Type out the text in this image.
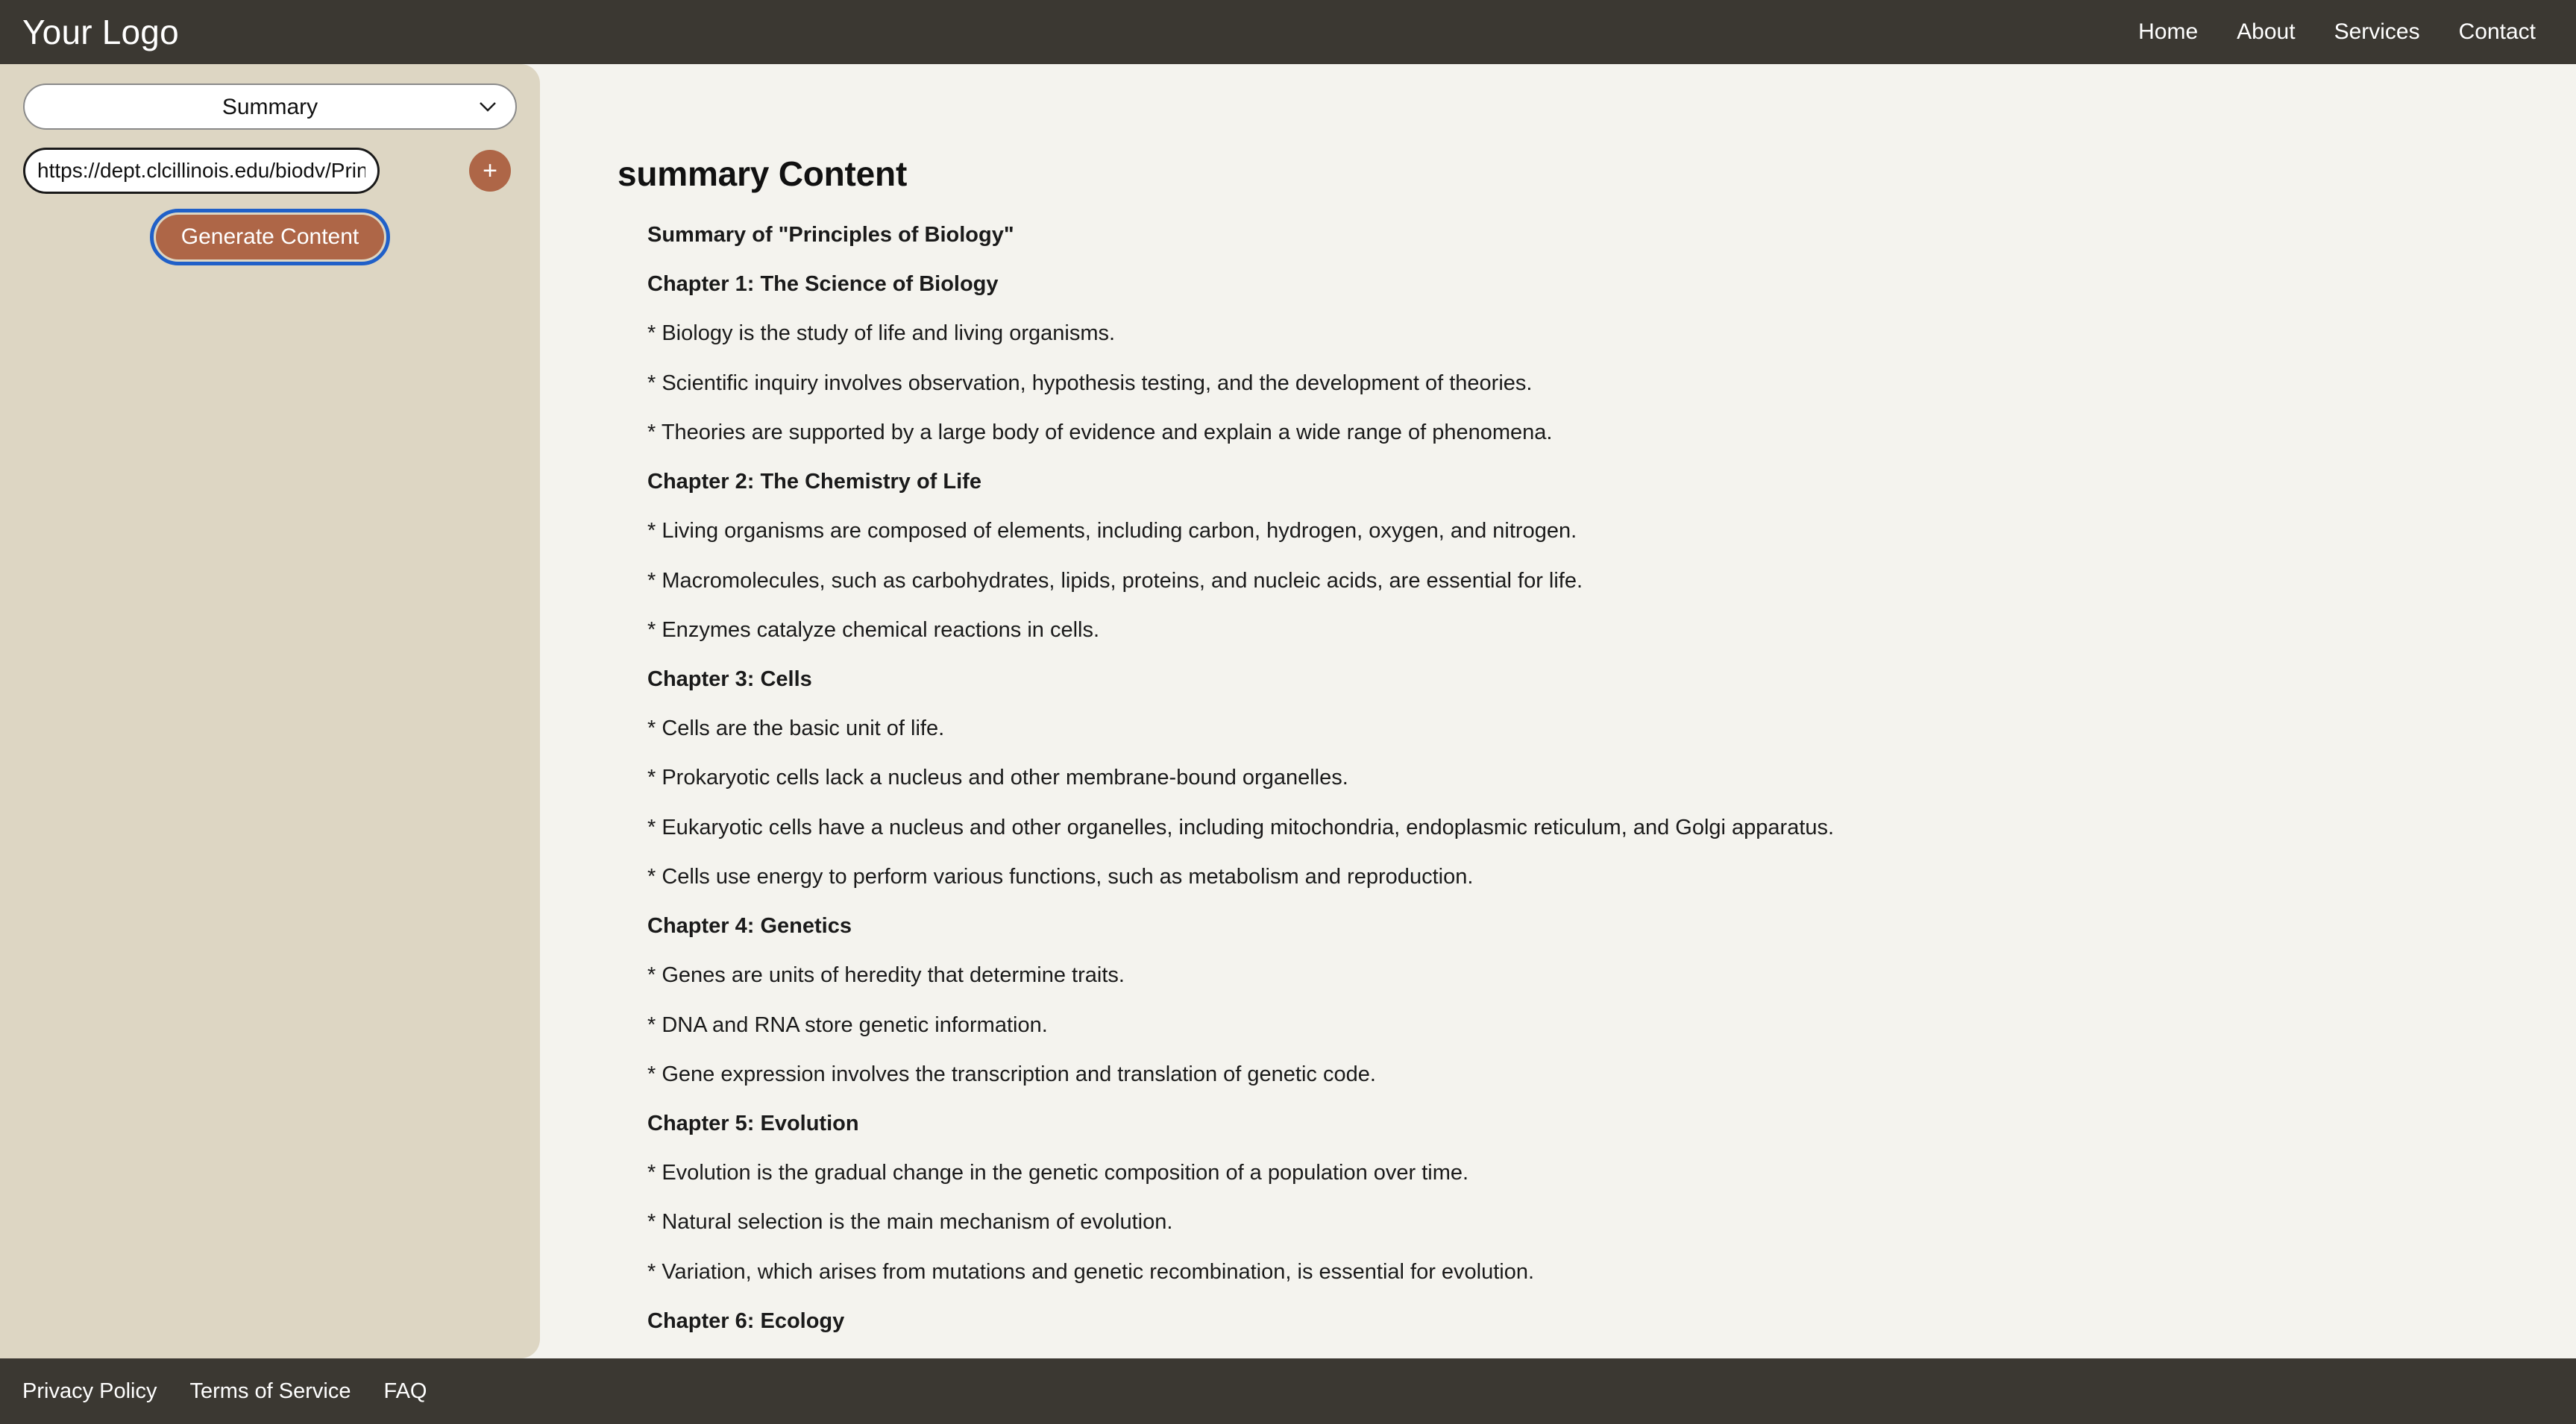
Your Logo	Home About Services Contact
Summary
https://dept.clcillinois.edu/biodv/Principl
+
Generate Content
summary Content

Summary of "Principles of Biology"

Chapter 1: The Science of Biology

* Biology is the study of life and living organisms.

* Scientific inquiry involves observation, hypothesis testing, and the development of theories.

* Theories are supported by a large body of evidence and explain a wide range of phenomena.

Chapter 2: The Chemistry of Life

* Living organisms are composed of elements, including carbon, hydrogen, oxygen, and nitrogen.

* Macromolecules, such as carbohydrates, lipids, proteins, and nucleic acids, are essential for life.

* Enzymes catalyze chemical reactions in cells.

Chapter 3: Cells

* Cells are the basic unit of life.

* Prokaryotic cells lack a nucleus and other membrane-bound organelles.

* Eukaryotic cells have a nucleus and other organelles, including mitochondria, endoplasmic reticulum, and Golgi apparatus.

* Cells use energy to perform various functions, such as metabolism and reproduction.

Chapter 4: Genetics

* Genes are units of heredity that determine traits.

* DNA and RNA store genetic information.

* Gene expression involves the transcription and translation of genetic code.

Chapter 5: Evolution

* Evolution is the gradual change in the genetic composition of a population over time.

* Natural selection is the main mechanism of evolution.

* Variation, which arises from mutations and genetic recombination, is essential for evolution.

Chapter 6: Ecology

Privacy Policy Terms of Service FAQ
